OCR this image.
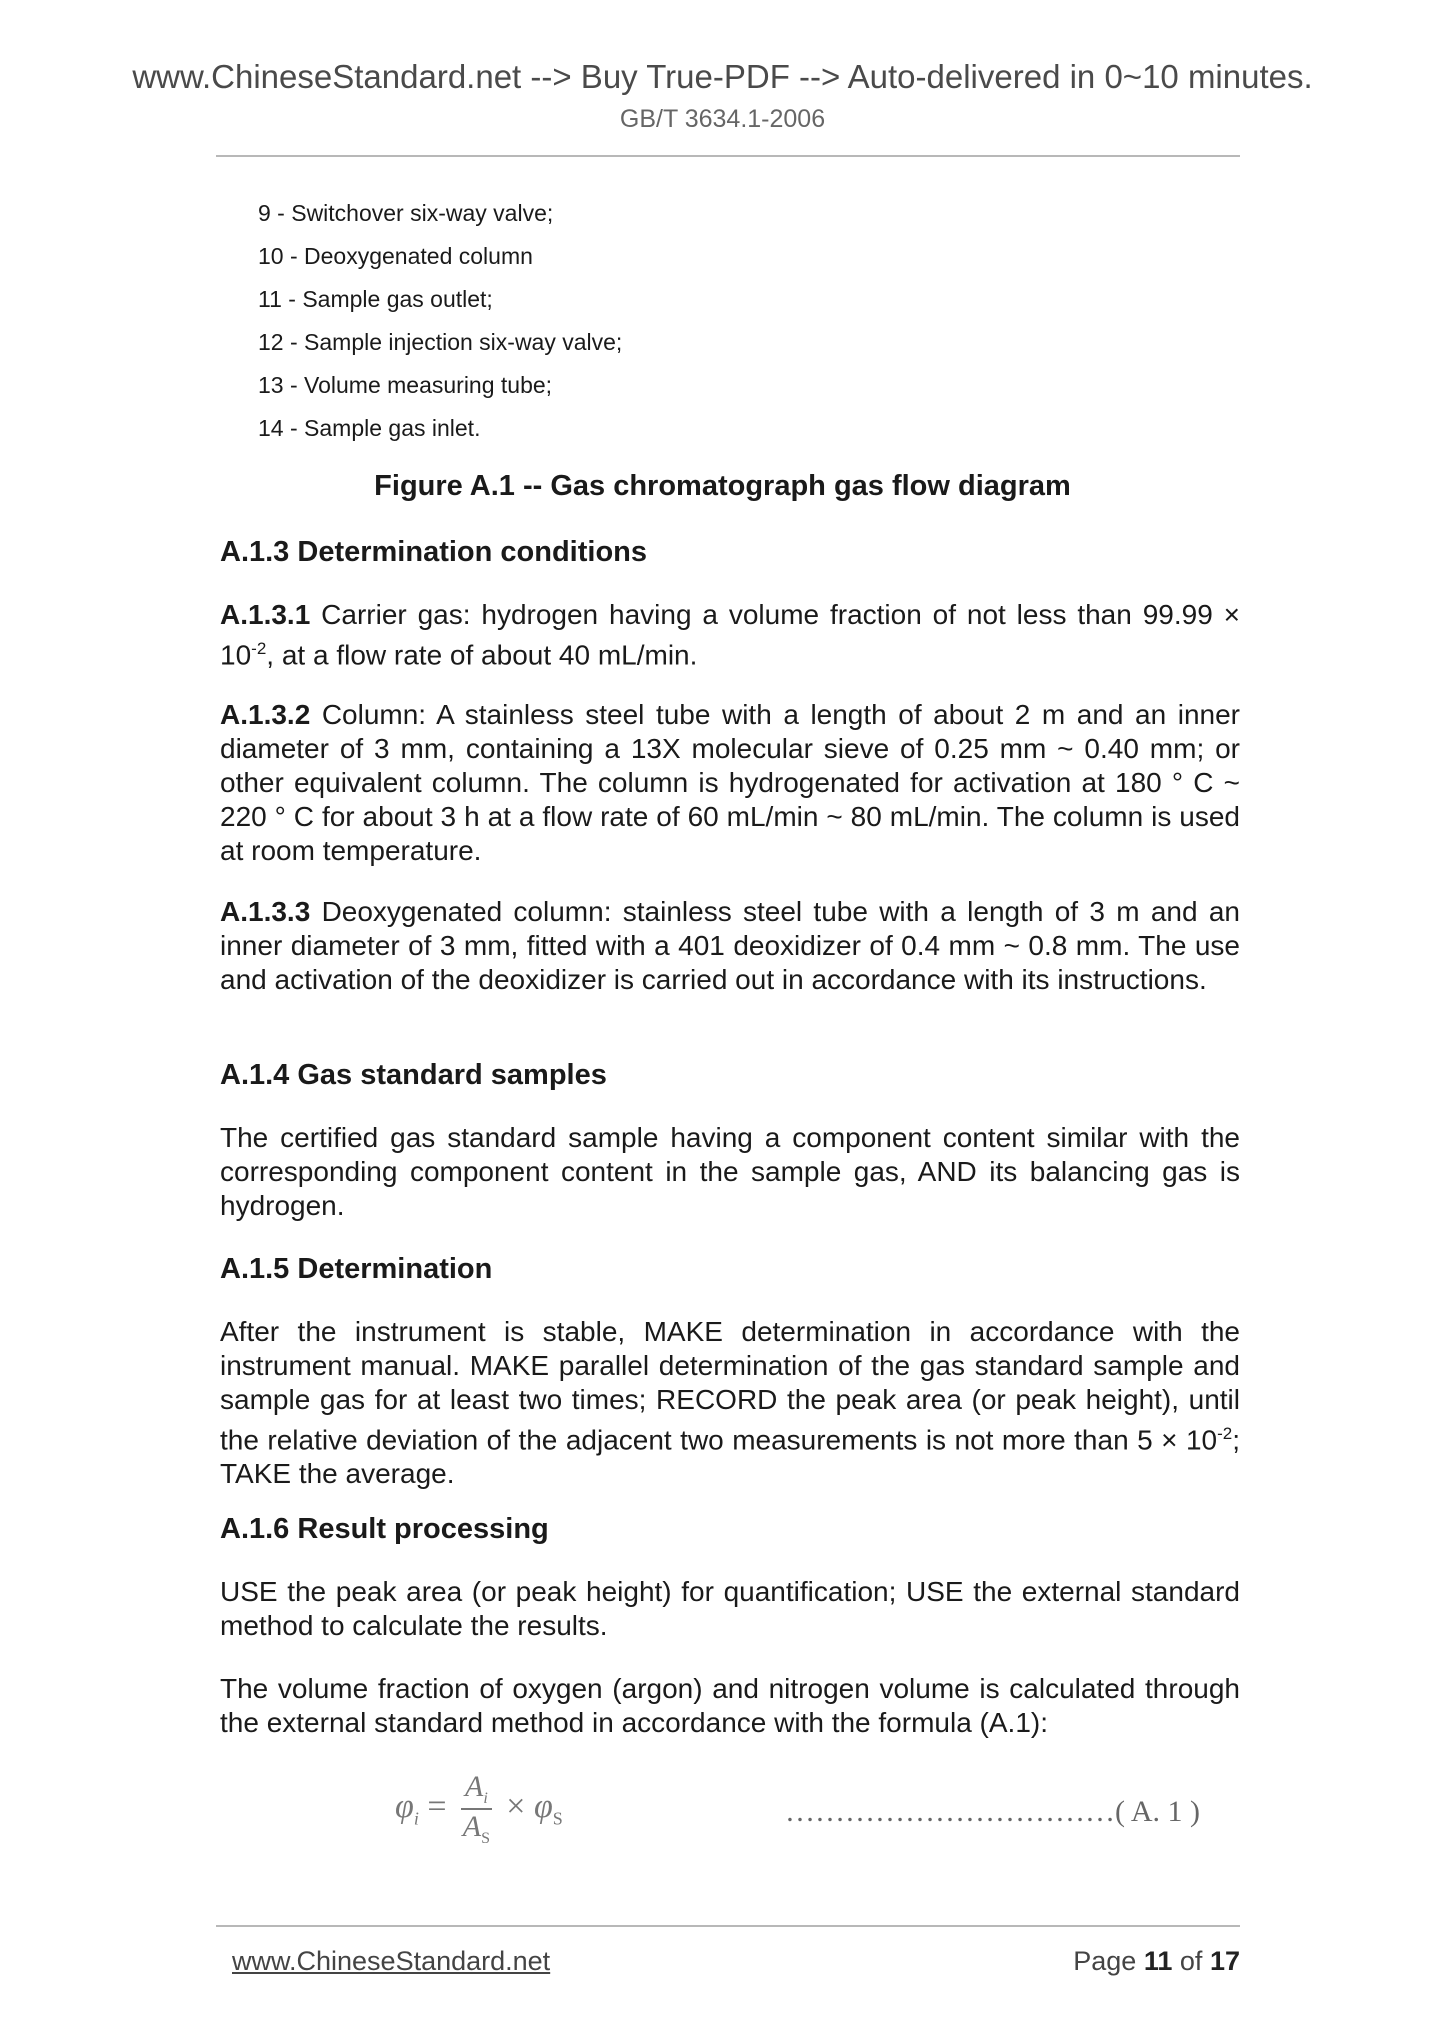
www.ChineseStandard.net --> Buy True-PDF --> Auto-delivered in 0~10 minutes.
GB/T 3634.1-2006
9 - Switchover six-way valve;
10 - Deoxygenated column
11 - Sample gas outlet;
12 - Sample injection six-way valve;
13 - Volume measuring tube;
14 - Sample gas inlet.
Figure A.1 -- Gas chromatograph gas flow diagram
A.1.3 Determination conditions

A.1.3.1 Carrier gas: hydrogen having a volume fraction of not less than $99.99 \times 10^{-2}$, at a flow rate of about 40 mL/min.

A.1.3.2 Column: A stainless steel tube with a length of about 2 m and an inner diameter of 3 mm, containing a 13X molecular sieve of 0.25 mm ~ 0.40 mm; or other equivalent column. The column is hydrogenated for activation at 180 ° C ~ 220 ° C for about 3 h at a flow rate of 60 mL/min ~ 80 mL/min. The column is used at room temperature.

A.1.3.3 Deoxygenated column: stainless steel tube with a length of 3 m and an inner diameter of 3 mm, fitted with a 401 deoxidizer of 0.4 mm ~ 0.8 mm. The use and activation of the deoxidizer is carried out in accordance with its instructions.

A.1.4 Gas standard samples

The certified gas standard sample having a component content similar with the corresponding component content in the sample gas, AND its balancing gas is hydrogen.

A.1.5 Determination

After the instrument is stable, MAKE determination in accordance with the instrument manual. MAKE parallel determination of the gas standard sample and sample gas for at least two times; RECORD the peak area (or peak height), until the relative deviation of the adjacent two measurements is not more than $5 \times 10^{-2}$; TAKE the average.

A.1.6 Result processing

USE the peak area (or peak height) for quantification; USE the external standard method to calculate the results.

The volume fraction of oxygen (argon) and nitrogen volume is calculated through the external standard method in accordance with the formula (A.1):

$\varphi_i = \frac{A_i}{A_S} \times \varphi_S$	……………………………( A. 1 )
www.ChineseStandard.net	Page 11 of 17
